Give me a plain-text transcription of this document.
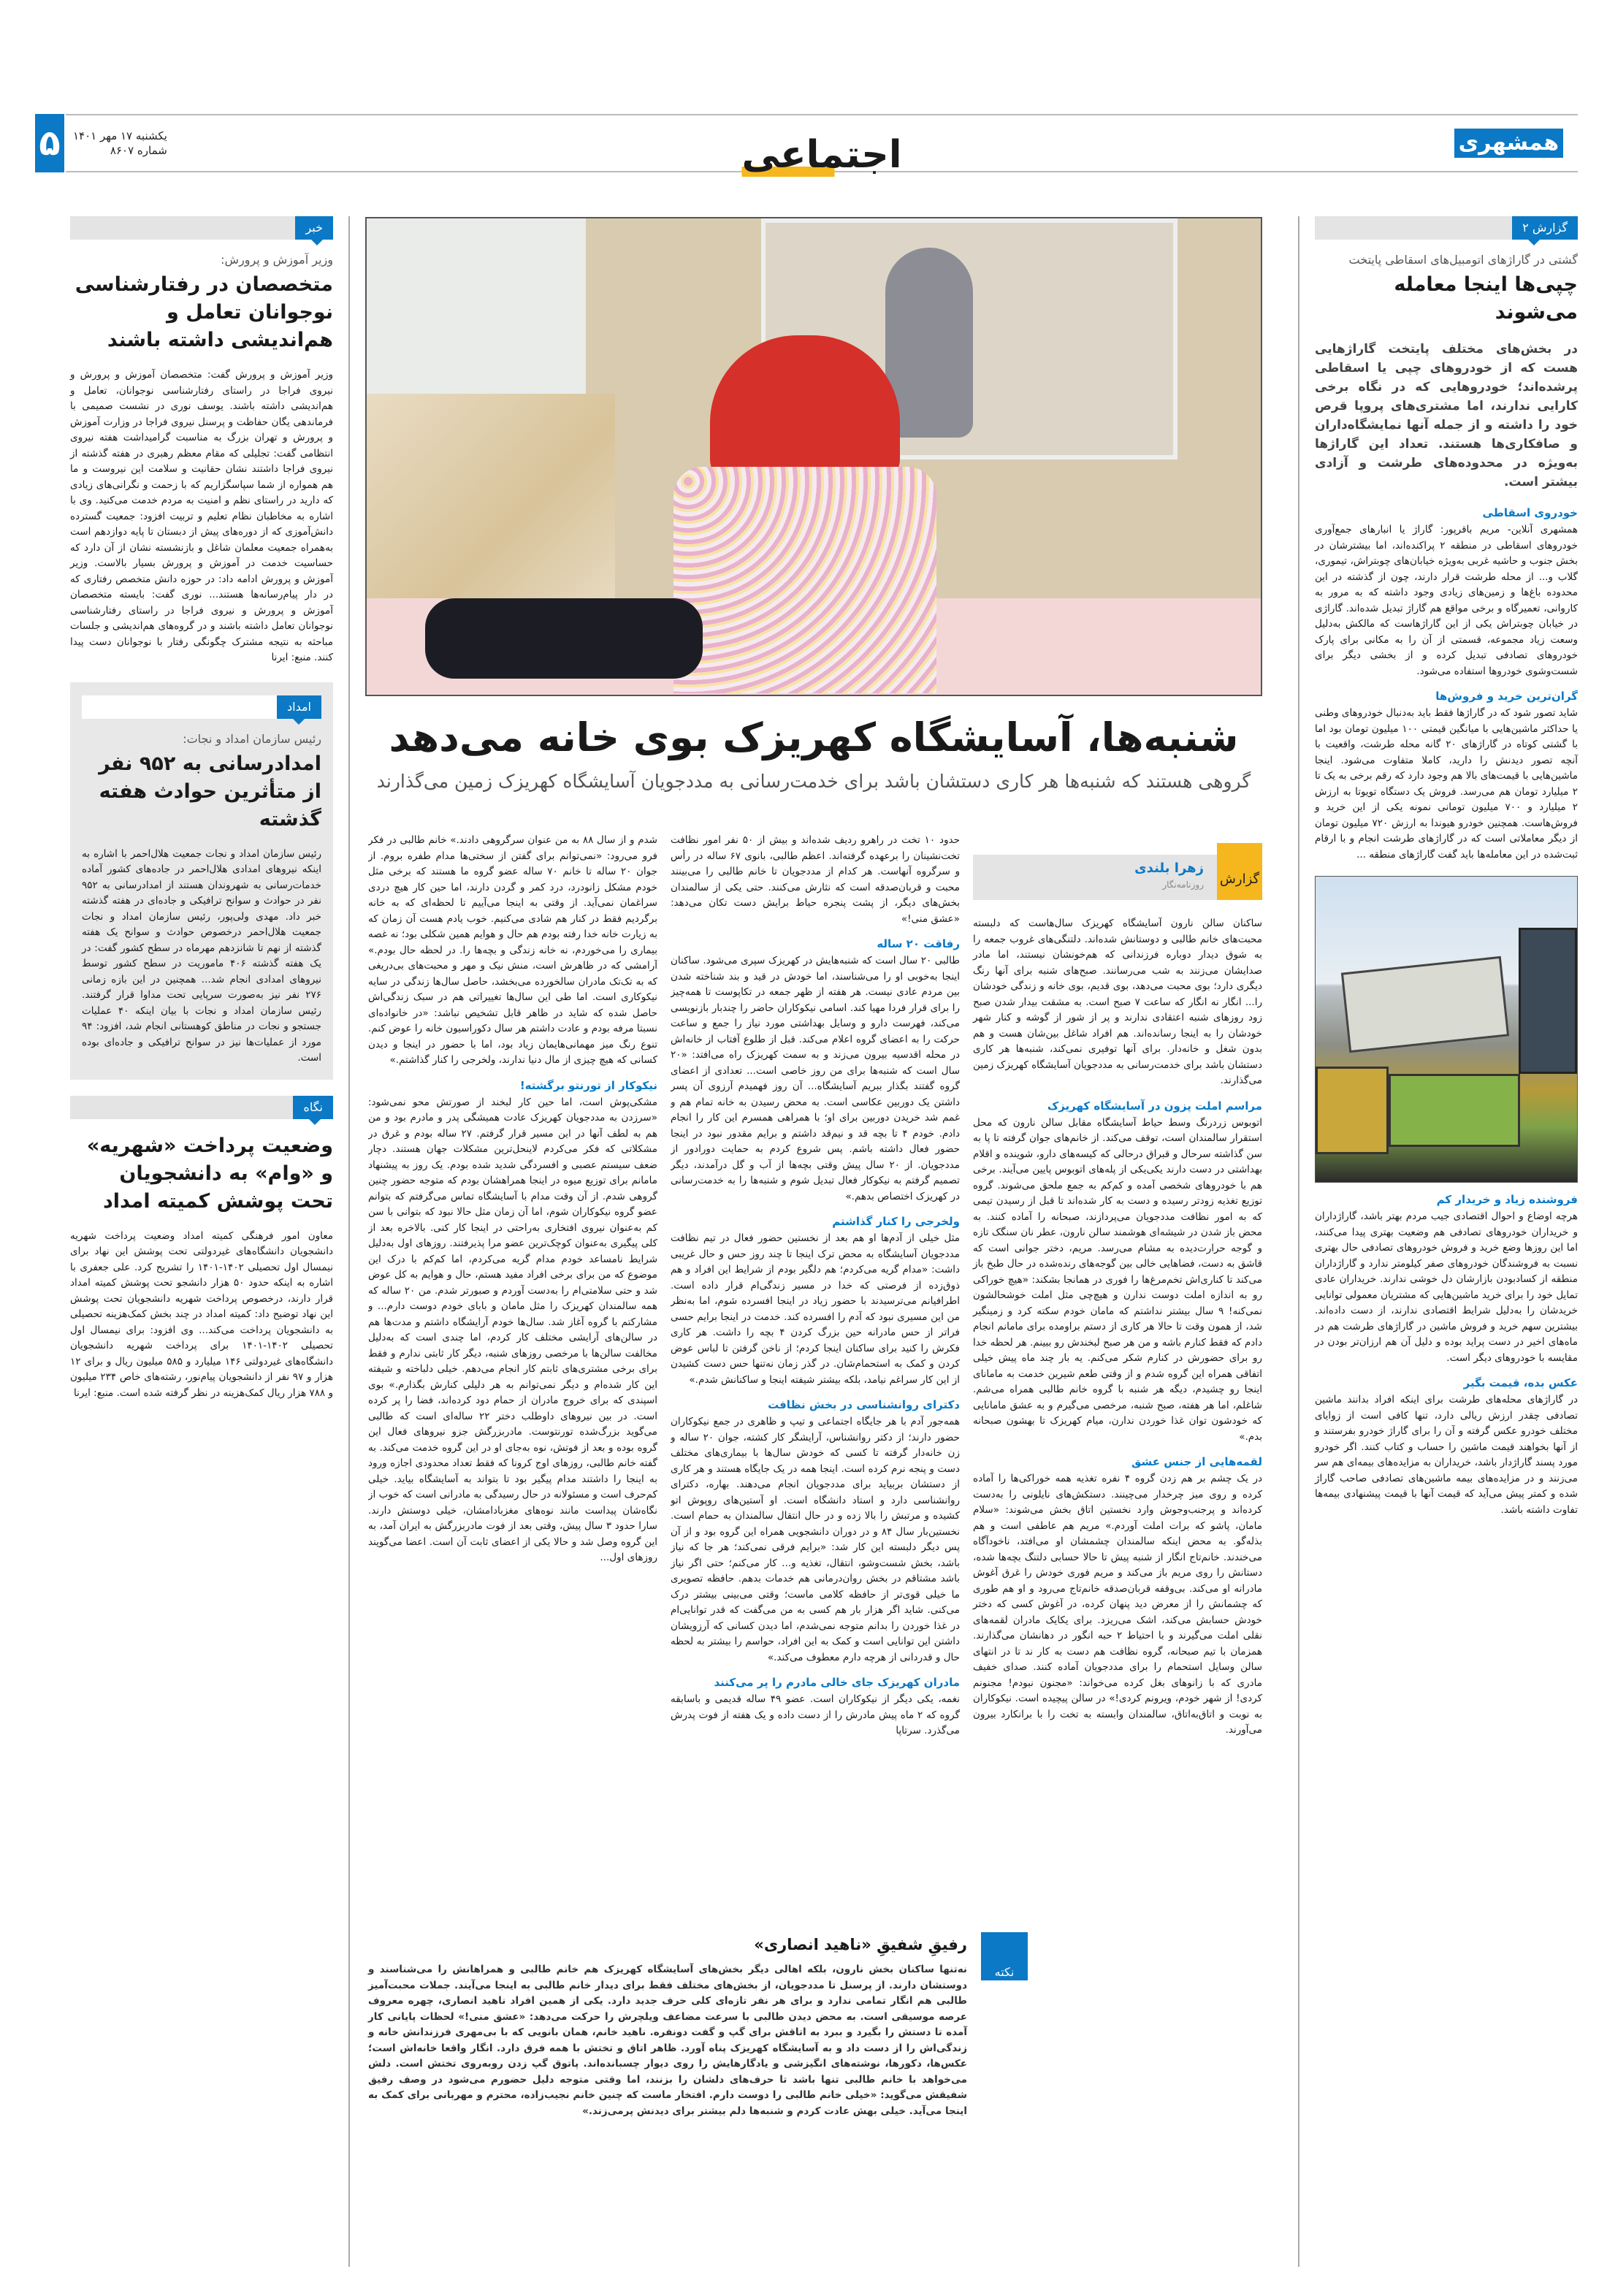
همشهری
اجتماعی
۵	یکشنبه ۱۷ مهر ۱۴۰۱
شماره ۸۶۰۷
گزارش ۲
گشتی در گاراژهای اتومبیل‌های اسقاطی پایتخت
چپی‌ها اینجا معامله می‌شوند
در بخش‌های مختلف پایتخت گاراژهایی هست که از خودروهای چپی یا اسقاطی پرشده‌اند؛ خودروهایی که در نگاه برخی کارایی ندارند، اما مشتری‌های پروپا قرص خود را داشته و از جمله آنها نمایشگاه‌داران و صافکاری‌ها هستند. تعداد این گاراژها به‌ویژه در محدوده‌های طرشت و آزادی بیشتر است.
خودروی اسقاطی
همشهری آنلاین- مریم باقرپور: گاراژ یا انبارهای جمع‌آوری خودروهای اسقاطی در منطقه ۲ پراکنده‌اند، اما بیشترشان در بخش جنوب و حاشیه غربی به‌ویژه خیابان‌های چوبتراش، تیموری، گلاب و... از محله طرشت قرار دارند، چون از گذشته در این محدوده باغ‌ها و زمین‌های زیادی وجود داشته که به مرور به کاروانی، تعمیرگاه و برخی مواقع هم گاراژ تبدیل شده‌اند. گاراژی در خیابان چوبتراش یکی از این گاراژهاست که مالکش به‌دلیل وسعت زیاد مجموعه، قسمتی از آن را به مکانی برای پارک خودروهای تصادفی تبدیل کرده و از بخشی دیگر برای شست‌وشوی خودروها استفاده می‌شود.
گران‌ترین خرید و فروش‌ها
شاید تصور شود که در گاراژها فقط باید به‌دنبال خودروهای وطنی یا حداکثر ماشین‌هایی با میانگین قیمتی ۱۰۰ میلیون تومان بود اما با گشتی کوتاه در گاراژهای ۲۰ گانه محله طرشت، واقعیت با آنچه تصور دیدنش را دارید، کاملا متفاوت می‌شود. اینجا ماشین‌هایی با قیمت‌های بالا هم وجود دارد که رقم برخی به یک تا ۲ میلیارد تومان هم می‌رسد. فروش یک دستگاه تویوتا به ارزش ۲ میلیارد و ۷۰۰ میلیون تومانی نمونه یکی از این خرید و فروش‌هاست. همچنین خودرو هیوندا به ارزش ۷۲۰ میلیون تومان از دیگر معاملاتی است که در گاراژهای طرشت انجام و با ارقام ثبت‌شده در این معامله‌ها باید گفت گاراژهای منطقه ...
فروشنده زیاد و خریدار کم
هرچه اوضاع و احوال اقتصادی جیب مردم بهتر باشد، گاراژداران و خریداران خودروهای تصادفی هم وضعیت بهتری پیدا می‌کنند، اما این روزها وضع خرید و فروش خودروهای تصادفی حال بهتری نسبت به فروشندگان خودروهای صفر کیلومتر ندارد و گاراژداران منطقه از کسادبودن بازارشان دل خوشی ندارند. خریداران عادی تمایل خود را برای خرید ماشین‌هایی که مشتریان معمولی توانایی خریدشان را به‌دلیل شرایط اقتصادی ندارند، از دست داده‌اند. بیشترین سهم خرید و فروش ماشین در گاراژهای طرشت هم در ماه‌های اخیر در دست پراید بوده و دلیل آن هم ارزان‌تر بودن در مقایسه با خودروهای دیگر است.
عکس بده، قیمت بگیر
در گاراژهای محله‌های طرشت برای اینکه افراد بدانند ماشین تصادفی چقدر ارزش ریالی دارد، تنها کافی است از زوایای مختلف خودرو عکس گرفته و آن را برای گاراژ خودرو بفرستند و از آنها بخواهند قیمت ماشین را حساب و کتاب کنند. اگر خودرو مورد پسند گاراژدار باشد، خریداران به مزایده‌های بیمه‌ای هم سر می‌زنند و در مزایده‌های بیمه ماشین‌های تصادفی صاحب گاراژ شده و کمتر پیش می‌آید که قیمت آنها با قیمت پیشنهادی بیمه‌ها تفاوت داشته باشد.
خبر
وزیر آموزش و پرورش:
متخصصان در رفتارشناسی نوجوانان تعامل و هم‌اندیشی داشته باشند
وزیر آموزش و پرورش گفت: متخصصان آموزش و پرورش و نیروی فراجا در راستای رفتارشناسی نوجوانان، تعامل و هم‌اندیشی داشته باشند. یوسف نوری در نشست صمیمی با فرماندهی یگان حفاظت و پرسنل نیروی فراجا در وزارت آموزش و پرورش و تهران بزرگ به مناسبت گرامیداشت هفته نیروی انتظامی گفت: تجلیلی که مقام معظم رهبری در هفته گذشته از نیروی فراجا داشتند نشان حقانیت و سلامت این نیروست و ما هم همواره از شما سپاسگزاریم که با زحمت و نگرانی‌های زیادی که دارید در راستای نظم و امنیت به مردم خدمت می‌کنید. وی با اشاره به مخاطبان نظام تعلیم و تربیت افزود: جمعیت گسترده دانش‌آموزی که از دوره‌های پیش از دبستان تا پایه دوازدهم است به‌همراه جمعیت معلمان شاغل و بازنشسته نشان از آن دارد که حساسیت خدمت در آموزش و پرورش بسیار بالاست. وزیر آموزش و پرورش ادامه داد: در حوزه دانش متخصص رفتاری که در دار پیام‌رسانه‌ها هستند... نوری گفت: بایسته متخصصان آموزش و پرورش و نیروی فراجا در راستای رفتارشناسی نوجوانان تعامل داشته باشند و در گروه‌های هم‌اندیشی و جلسات مباحثه به نتیجه مشترک چگونگی رفتار با نوجوانان دست پیدا کنند. منبع: ایرنا
امداد
رئیس سازمان امداد و نجات:
امدادرسانی به ۹۵۲ نفر از متأثرین حوادث هفته گذشته
رئیس سازمان امداد و نجات جمعیت هلال‌احمر با اشاره به اینکه نیروهای امدادی هلال‌احمر در جاده‌های کشور آماده خدمات‌رسانی به شهروندان هستند از امدادرسانی به ۹۵۲ نفر در حوادث و سوانح ترافیکی و جاده‌ای در هفته گذشته خبر داد. مهدی ولی‌پور، رئیس سازمان امداد و نجات جمعیت هلال‌احمر درخصوص حوادث و سوانح یک هفته گذشته از نهم تا شانزدهم مهرماه در سطح کشور گفت: در یک هفته گذشته ۴۰۶ ماموریت در سطح کشور توسط نیروهای امدادی انجام شد... همچنین در این بازه زمانی ۲۷۶ نفر نیز به‌صورت سرپایی تحت مداوا قرار گرفتند. رئیس سازمان امداد و نجات با بیان اینکه ۴۰ عملیات جستجو و نجات در مناطق کوهستانی انجام شد، افزود: ۹۴ مورد از عملیات‌ها نیز در سوانح ترافیکی و جاده‌ای بوده است.
نگاه
وضعیت پرداخت «شهریه» و «وام» به دانشجویان تحت پوشش کمیته امداد
معاون امور فرهنگی کمیته امداد وضعیت پرداخت شهریه دانشجویان دانشگاه‌های غیردولتی تحت پوشش این نهاد برای نیمسال اول تحصیلی ۱۴۰۲-۱۴۰۱ را تشریح کرد. علی جعفری با اشاره به اینکه حدود ۵۰ هزار دانشجو تحت پوشش کمیته امداد قرار دارند، درخصوص پرداخت شهریه دانشجویان تحت پوشش این نهاد توضیح داد: کمیته امداد در چند بخش کمک‌هزینه تحصیلی به دانشجویان پرداخت می‌کند... وی افزود: برای نیمسال اول تحصیلی ۱۴۰۲-۱۴۰۱ برای پرداخت شهریه دانشجویان دانشگاه‌های غیردولتی ۱۴۶ میلیارد و ۵۸۵ میلیون ریال و برای ۱۲ هزار و ۹۷ نفر از دانشجویان پیام‌نور، رشته‌های خاص ۲۳۴ میلیون و ۷۸۸ هزار ریال کمک‌هزینه در نظر گرفته شده است. منبع: ایرنا
شنبه‌ها، آسایشگاه کهریزک بوی خانه می‌دهد
گروهی هستند که شنبه‌ها هر کاری دستشان باشد برای خدمت‌رسانی به مددجویان آسایشگاه کهریزک زمین می‌گذارند
گزارش
زهرا بلندی
روزنامه‌نگار
ساکنان سالن نارون آسایشگاه کهریزک سال‌هاست که دلبسته محبت‌های خانم طالبی و دوستانش شده‌اند. دلتنگی‌های غروب جمعه را به شوق دیدار دوباره فرزندانی که هم‌خونشان نیستند، اما مادر صدایشان می‌زنند به شب می‌رسانند. صبح‌های شنبه برای آنها رنگ دیگری دارد؛ بوی محبت می‌دهد، بوی قدیم، بوی خانه و زندگی خودشان را... انگار نه انگار که ساعت ۷ صبح است. به مشقت بیدار شدن صبح زود روزهای شنبه اعتقادی ندارند و پر از شور از گوشه و کنار شهر خودشان را به اینجا رسانده‌اند. هم افراد شاغل بین‌شان هست و هم بدون شغل و خانه‌دار. برای آنها توفیری نمی‌کند، شنبه‌ها هر کاری دستشان باشد برای خدمت‌رسانی به مددجویان آسایشگاه کهریزک زمین می‌گذارند.
مراسم املت پزون در آسایشگاه کهریزک
اتوبوس زردرنگ وسط حیاط آسایشگاه مقابل سالن نارون که محل استقرار سالمندان است، توقف می‌کند. از خانم‌های جوان گرفته تا پا به سن گذاشته سرحال و قبراق درحالی که کیسه‌های دارو، شوینده و اقلام بهداشتی در دست دارند یکی‌یکی از پله‌های اتوبوس پایین می‌آیند. برخی هم با خودروهای شخصی آمده و کم‌کم به جمع ملحق می‌شوند. گروه توزیع تغذیه زودتر رسیده و دست به کار شده‌اند تا قبل از رسیدن تیمی که به امور نظافت مددجویان می‌پردازند، صبحانه را آماده کنند. به محض باز شدن در شیشه‌ای هوشمند سالن نارون، عطر نان سنگک تازه و گوجه حرارت‌دیده به مشام می‌رسد. مریم، دختر جوانی است که قاشق به دست، فضاهایی خالی بین گوجه‌های رنده‌شده در حال طبخ باز می‌کند تا کناری‌اش تخم‌مرغ‌ها را فوری در همانجا بشکند: «هیچ خوراکی رو به اندازه املت دوست ندارن و هیچ‌چی مثل املت خوشحالشون نمی‌کنه! ۹ سال بیشتر نداشتم که مامان خودم سکته کرد و زمینگیر شد، از همون وقت تا حالا هر کاری از دستم براومده برای مامانم انجام دادم که فقط کنارم باشه و من هر صبح لبخندش رو ببینم. هر لحظه خدا رو برای حضورش در کنارم شکر می‌کنم. یه بار چند ماه پیش خیلی اتفاقی همراه این گروه شدم و از وقتی طعم شیرین خدمت به ماماناى اینجا رو چشیدم، دیگه هر شنبه با گروه خانم طالبی همراه می‌شم. شاغلم، اما هر هفته، صبح شنبه، مرخصی می‌گیرم و به عشق مامانایی که خودشون توان غذا خوردن ندارن، میام کهریزک تا بهشون صبحانه بدم.»
لقمه‌هایی از جنس عشق
در یک چشم بر هم زدن گروه ۴ نفره تغذیه همه خوراکی‌ها را آماده کرده و روی میز چرخدار می‌چینند. دستکش‌های نایلونی را به‌دست کرده‌اند و پرجنب‌وجوش وارد نخستین اتاق بخش می‌شوند: «سلام مامان، پاشو که برات املت آوردم.» مریم هم عاطفی است و هم بذله‌گو. به محض اینکه سالمندان چشمشان او می‌افتد، ناخودآگاه می‌خندند. خانم‌تاج انگار از شنبه پیش تا حالا حسابی دلتنگ بچه‌ها شده، دستانش را روی مریم باز می‌کند و مریم فوری خودش را غرق آغوش مادرانه او می‌کند. بی‌وقفه قربان‌صدقه خانم‌تاج می‌رود و او هم طوری که چشمانش را از معرض دید پنهان کرده، در آغوش کسی که دختر خودش حسابش می‌کند، اشک می‌ریزد. برای یکایک مادران لقمه‌های نقلی املت می‌گیرند و با احتیاط ۲ حبه انگور در دهانشان می‌گذارند. همزمان با تیم صبحانه، گروه نظافت هم دست به کار ند تا در انتهای سالن وسایل استحمام را برای مددجویان آماده کنند. صدای خفیف مادری که با زانوهای بغل کرده می‌خواند: «مجنون نبودم! مجنونم کردی! از شهر خودم، ویرونم کردی!» در سالن پیچیده است. نیکوکاران به نوبت و اتاق‌به‌اتاق، سالمندان وابسته به تخت را با برانکارد بیرون می‌آورند.
حدود ۱۰ تخت در راهرو ردیف شده‌اند و بیش از ۵۰ نفر امور نظافت تخت‌نشینان را برعهده گرفته‌اند. اعظم طالبی، بانوی ۶۷ ساله در رأس و سرگروه آنهاست. هر کدام از مددجویان تا خانم طالبی را می‌بینند محبت و قربان‌صدقه است که نثارش می‌کنند. حتی یکی از سالمندان بخش‌های دیگر، از پشت پنجره حیاط برایش دست تکان می‌دهد: «عشق منی!»
رفاقت ۲۰ ساله
طالبی ۲۰ سال است که شنبه‌هایش در کهریزک سپری می‌شود. ساکنان اینجا به‌خوبی او را می‌شناسند، اما خودش در قید و بند شناخته شدن بین مردم عادی نیست. هر هفته از ظهر جمعه در تکاپوست تا همه‌چیز را برای قرار فردا مهیا کند. اسامی نیکوکاران حاضر را چندبار بازنویسی می‌کند، فهرست دارو و وسایل بهداشتی مورد نیاز را جمع و ساعت حرکت را به اعضای گروه اعلام می‌کند. قبل از طلوع آفتاب از خانه‌اش در محله اقدسیه بیرون می‌زند و به سمت کهریزک راه می‌افتد: «۲۰ سال است که شنبه‌ها برای من روز خاصی است... تعدادی از اعضای گروه گفتند بگذار ببریم آسایشگاه... آن روز فهمیدم آرزوی آن پسر داشتن یک دوربین عکاسی است. به محض رسیدن به خانه تمام هم و غمم شد خریدن دوربین برای او؛ با همراهی همسرم این کار را انجام دادم. خودم ۴ تا بچه قد و نیم‌قد داشتم و برایم مقدور نبود در اینجا حضور فعال داشته باشم. پس شروع کردم به حمایت دورادور از مددجویان. از ۲۰ سال پیش وقتی بچه‌ها از آب و گل درآمدند، دیگر تصمیم گرفتم به نیکوکار فعال تبدیل شوم و شنبه‌ها را به خدمت‌رسانی در کهریزک اختصاص بدهم.»
ولخرجی را کنار گذاشتم
مثل خیلی از آدم‌ها او هم بعد از نخستین حضور فعال در تیم نظافت مددجویان آسایشگاه به محض ترک اینجا تا چند روز حس و حال غریبی داشت: «مدام گریه می‌کردم؛ هم دلگیر بودم از شرایط این افراد و هم ذوق‌زده از فرصتی که خدا در مسیر زندگی‌ام قرار داده است. اطرافیانم می‌ترسیدند با حضور زیاد در اینجا افسرده شوم، اما به‌نظر من این مسیری نبود که آدم را افسرده کند. خدمت در اینجا برایم حسی فراتر از حس مادرانه حین بزرگ کردن ۴ بچه را داشت. هر کاری فکرش را کنید برای ساکنان اینجا کردم؛ از ناخن گرفتن تا لباس عوض کردن و کمک به استحمام‌شان. در گذر زمان نه‌تنها حس دست کشیدن از این کار سراغم نیامد، بلکه بیشتر شیفته اینجا و ساکنانش شدم.»
دکترای روانشناسی در بخش نظافت
همه‌جور آدم با هر جایگاه اجتماعی و تیپ و ظاهری در جمع نیکوکاران حضور دارند؛ از دکتر روانشناس، آرایشگر کار کشته، جوان ۲۰ ساله و زن خانه‌دار گرفته تا کسی که خودش سال‌ها با بیماری‌های مختلف دست و پنجه نرم کرده است. اینجا همه در یک جایگاه هستند و هر کاری از دستشان بربیاید برای مددجویان انجام می‌دهند. بهاره، دکترای روانشناسی دارد و استاد دانشگاه است. او آستین‌های روپوش اتو کشیده و مرتبش را بالا زده و در حال انتقال سالمندان به حمام است. نخستین‌بار سال ۸۴ و در دوران دانشجویی همراه این گروه بود و از آن پس دیگر دلبسته این کار شد: «برایم فرقی نمی‌کند؛ هر جا که نیاز باشد، بخش شست‌وشو، انتقال، تغذیه و... کار می‌کنم؛ حتی اگر نیاز باشد مشتاقم در بخش روان‌درمانی هم خدمات بدهم. حافظه تصویری ما خیلی قوی‌تر از حافظه کلامی ماست؛ وقتی می‌بینی بیشتر درک می‌کنی. شاید اگر هزار بار هم کسی به من می‌گفت که قدر توانایی‌ام در غذا خوردن را بدانم متوجه نمی‌شدم، اما دیدن کسانی که آرزویشان داشتن این توانایی است و کمک به این افراد، حواسم را بیشتر به لحظه حال و قدردانی از هرچه دارم معطوف می‌کند.»
مادران کهریزک جای خالی مادرم را پر می‌کنند
نغمه، یکی دیگر از نیکوکاران است. عضو ۴۹ ساله قدیمی و باسابقه گروه که ۲ ماه پیش مادرش را از دست داده و یک هفته از فوت پدرش می‌گذرد. سرتاپا
شدم و از سال ۸۸ به من عنوان سرگروهی دادند.» خانم طالبی در فکر فرو می‌رود: «نمی‌توانم برای گفتن از سختی‌ها مدام طفره بروم. از جوان ۲۰ ساله تا خانم ۷۰ ساله عضو گروه ما هستند که برخی مثل خودم مشکل زانودرد، درد کمر و گردن دارند، اما حین کار هیچ دردی سراغمان نمی‌آید. از وقتی به اینجا می‌آییم تا لحظه‌ای که به خانه برگردیم فقط در کنار هم شادی می‌کنیم. خوب یادم هست آن زمان که به زیارت خانه خدا رفته بودم هم حال و هوایم همین شکلی بود؛ نه غصه بیماری را می‌خوردم، نه خانه زندگی و بچه‌ها را. در لحظه حال بودم.» آرامشی که در ظاهرش است، منش نیک و مهر و محبت‌های بی‌دریغی که به تک‌تک مادران سالخورده می‌بخشد، حاصل سال‌ها زندگی در سایه نیکوکاری است. اما طی این سال‌ها تغییراتی هم در سبک زندگی‌اش حاصل شده که شاید در ظاهر قابل تشخیص نباشد: «در خانواده‌ای نسبتا مرفه بودم و عادت داشتم هر سال دکوراسیون خانه را عوض کنم. تنوع رنگ میز مهمانی‌هایمان زیاد بود، اما با حضور در اینجا و دیدن کسانی که هیچ چیزی از مال دنیا ندارند، ولخرجی را کنار گذاشتم.»
نیکوکار از تورنتو برگشته!
مشکی‌پوش است، اما حین کار لبخند از صورتش محو نمی‌شود: «سرزدن به مددجویان کهریزک عادت همیشگی پدر و مادرم بود و من هم به لطف آنها در این مسیر قرار گرفتم. ۲۷ ساله بودم و غرق در مشکلاتی که فکر می‌کردم لاینحل‌ترین مشکلات جهان هستند. دچار ضعف سیستم عصبی و افسردگی شدید شده بودم. یک روز به پیشنهاد مامانم برای توزیع میوه در اینجا همراهشان بودم که متوجه حضور چنین گروهی شدم. از آن وقت مدام با آسایشگاه تماس می‌گرفتم که بتوانم عضو گروه نیکوکاران شوم، اما آن زمان مثل حالا نبود که بتوانی با سن کم به‌عنوان نیروی افتخاری به‌راحتی در اینجا کار کنی. بالاخره بعد از کلی پیگیری به‌عنوان کوچک‌ترین عضو مرا پذیرفتند. روزهای اول به‌دلیل شرایط نامساعد خودم مدام گریه می‌کردم، اما کم‌کم با درک این موضوع که من برای برخی افراد مفید هستم، حال و هوایم به کل عوض شد و حتی سلامتی‌ام را به‌دست آوردم و صبورتر شدم. من ۲۰ ساله که همه سالمندان کهریزک را مثل مامان و بابای خودم دوست دارم... و مشارکتم با گروه آغاز شد. سال‌ها خودم آرایشگاه داشتم و مدت‌ها هم در سالن‌های آرایشی مختلف کار کردم، اما چندی است که به‌دلیل مخالفت سالن‌ها با مرخصی روزهای شنبه، دیگر کار ثابتی ندارم و فقط برای برخی مشتری‌های ثابتم کار انجام می‌دهم. خیلی دلباخته و شیفته این کار شده‌ام و دیگر نمی‌توانم به هر دلیلی کنارش بگذارم.» بوی اسپندی که برای خروج مادران از حمام دود کرده‌اند، فضا را پر کرده است. در بین نیروهای داوطلب دختر ۲۲ ساله‌ای است که طالبی می‌گوید بزرگ‌شده تورنتوست. مادربزرگش جزو نیروهای فعال این گروه بوده و بعد از فوتش، نوه به‌جای او در این گروه خدمت می‌کند. به گفته خانم طالبی، روزهای اوج کرونا که فقط تعداد محدودی اجازه ورود به اینجا را داشتند مدام پیگیر بود تا بتواند به آسایشگاه بیاید. خیلی کم‌حرف است و مسئولانه در حال رسیدگی به مادرانی است که خوب از نگاه‌شان پیداست مانند نوه‌های مغزبادامشان، خیلی دوستش دارند. سارا حدود ۳ سال پیش، وقتی بعد از فوت مادربزرگش به ایران آمد، به این گروه وصل شد و حالا یکی از اعضای ثابت آن است. اعضا می‌گویند روزهای اول...
نکته
رفیقِ شفیقِ «ناهید انصاری»
نه‌تنها ساکنان بخش نارون، بلکه اهالی دیگر بخش‌های آسایشگاه کهریزک هم خانم طالبی و همراهانش را می‌شناسند و دوستشان دارند. از پرسنل تا مددجویان، از بخش‌های مختلف فقط برای دیدار خانم طالبی به اینجا می‌آیند. جملات محبت‌آمیز طالبی هم انگار تمامی ندارد و برای هر نفر تازه‌ای کلی حرف جدید دارد. یکی از همین افراد ناهید انصاری، چهره معروف عرصه موسیقی است. به محض دیدن طالبی با سرعت مضاعف ویلچرش را حرکت می‌دهد: «عشق منی!» لحظات پایانی کار آمده تا دستش را بگیرد و ببرد به اتاقش برای گپ و گفت دونفره. ناهید خانم، همان بانویی که با بی‌مهری فرزندانش خانه و زندگی‌اش را از دست داد و به آسایشگاه کهریزک پناه آورد. ظاهر اتاق و تختش با همه فرق دارد. انگار واقعا خانه‌اش است؛ عکس‌ها، دکورها، نوشته‌های انگیزشی و یادگارهایش را روی دیوار چسبانده‌اند. پاتوق گپ زدن روبه‌روی تختش است. دلش می‌خواهد با خانم طالبی تنها باشد تا حرف‌های دلشان را بزنند، اما وقتی متوجه دلیل حضورم می‌شود در وصف رفیق شفیقش می‌گوید: «خیلی خانم طالبی را دوست دارم. افتخار ماست که چنین خانم نجیب‌زاده، محترم و مهربانی برای کمک به اینجا می‌آید. خیلی بهش عادت کردم و شنبه‌ها دلم بیشتر برای دیدنش پرمی‌زند.»
